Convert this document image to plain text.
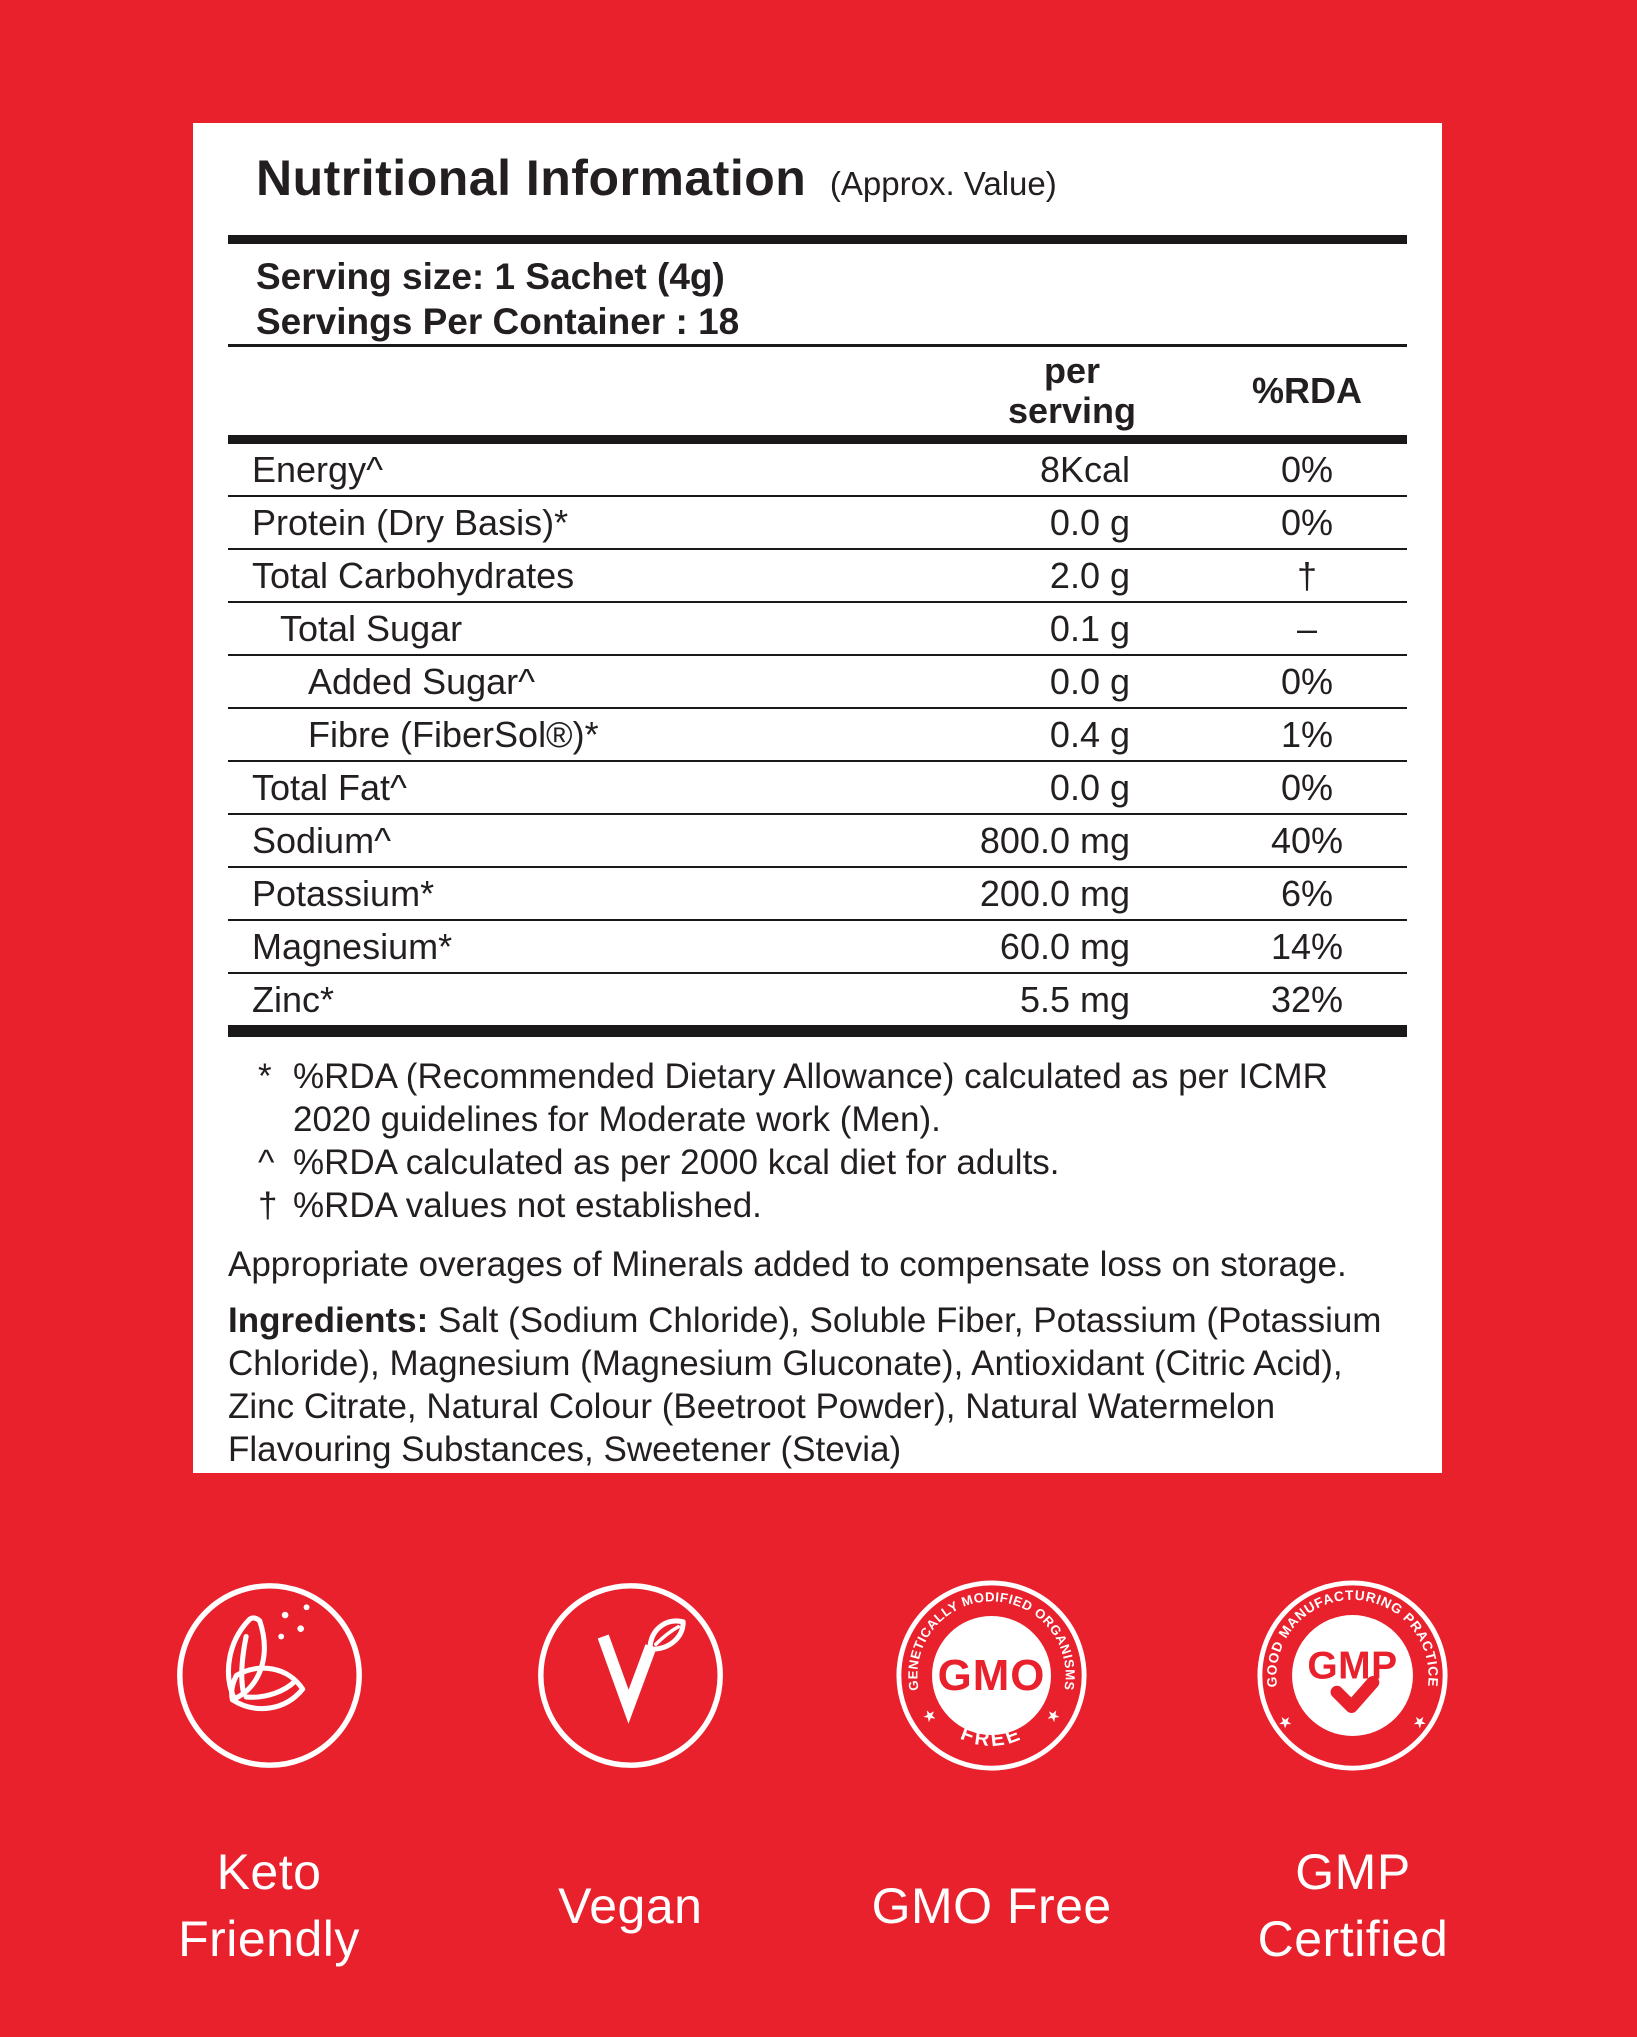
Nutritional Information (Approx. Value)
Serving size: 1 Sachet (4g)
Servings Per Container : 18
per serving	%RDA
Energy^	8Kcal	0%
Protein (Dry Basis)*	0.0 g	0%
Total Carbohydrates	2.0 g	†
Total Sugar	0.1 g	–
Added Sugar^	0.0 g	0%
Fibre (FiberSol®)*	0.4 g	1%
Total Fat^	0.0 g	0%
Sodium^	800.0 mg	40%
Potassium*	200.0 mg	6%
Magnesium*	60.0 mg	14%
Zinc*	5.5 mg	32%
* %RDA (Recommended Dietary Allowance) calculated as per ICMR 2020 guidelines for Moderate work (Men).
^ %RDA calculated as per 2000 kcal diet for adults.
† %RDA values not established.
Appropriate overages of Minerals added to compensate loss on storage.
Ingredients: Salt (Sodium Chloride), Soluble Fiber, Potassium (Potassium Chloride), Magnesium (Magnesium Gluconate), Antioxidant (Citric Acid), Zinc Citrate, Natural Colour (Beetroot Powder), Natural Watermelon Flavouring Substances, Sweetener (Stevia)
Keto
Friendly
Vegan
GENETICALLY MODIFIED ORGANISMS
FREE
★	★
GMO
GMO Free
GOOD MANUFACTURING PRACTICE
COMPLIANT
★	★
GMP
GMP
Certified
